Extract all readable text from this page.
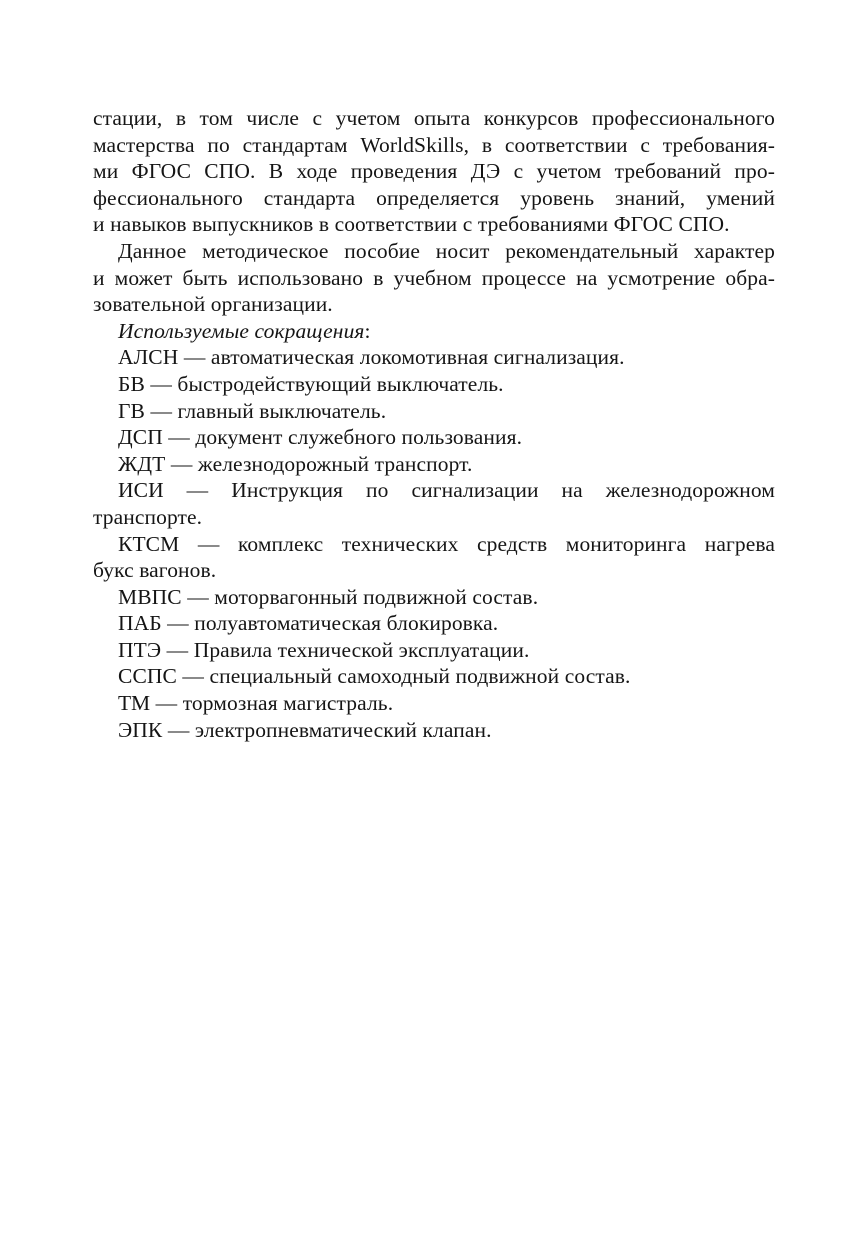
стации, в том числе с учетом опыта конкурсов профессионального
мастерства по стандартам WorldSkills, в соответствии с требования-
ми ФГОС СПО. В ходе проведения ДЭ с учетом требований про-
фессионального стандарта определяется уровень знаний, умений
и навыков выпускников в соответствии с требованиями ФГОС СПО.
Данное методическое пособие носит рекомендательный характер
и может быть использовано в учебном процессе на усмотрение обра-
зовательной организации.
Используемые сокращения:
АЛСН — автоматическая локомотивная сигнализация.
БВ — быстродействующий выключатель.
ГВ — главный выключатель.
ДСП — документ служебного пользования.
ЖДТ — железнодорожный транспорт.
ИСИ — Инструкция по сигнализации на железнодорожном
транспорте.
КТСМ — комплекс технических средств мониторинга нагрева
букс вагонов.
МВПС — моторвагонный подвижной состав.
ПАБ — полуавтоматическая блокировка.
ПТЭ — Правила технической эксплуатации.
ССПС — специальный самоходный подвижной состав.
ТМ — тормозная магистраль.
ЭПК — электропневматический клапан.
